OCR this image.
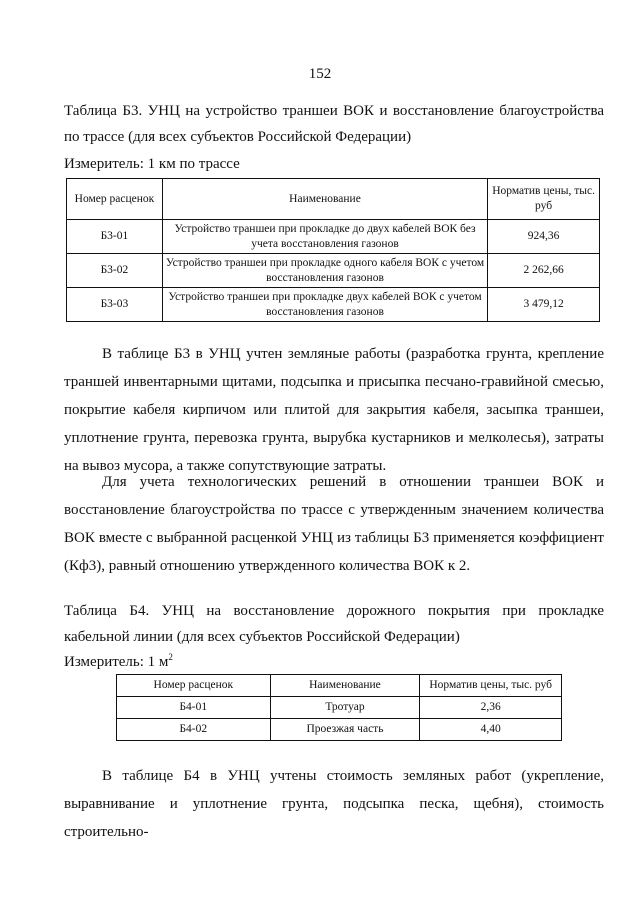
152
Таблица Б3. УНЦ на устройство траншеи ВОК и восстановление благоустройства по трассе (для всех субъектов Российской Федерации)
Измеритель: 1 км по трассе
Номер расценок	Наименование	Норматив цены, тыс. руб
Б3-01	Устройство траншеи при прокладке до двух кабелей ВОК без учета восстановления газонов	924,36
Б3-02	Устройство траншеи при прокладке одного кабеля ВОК с учетом восстановления газонов	2 262,66
Б3-03	Устройство траншеи при прокладке двух кабелей ВОК с учетом восстановления газонов	3 479,12
В таблице Б3 в УНЦ учтен земляные работы (разработка грунта, крепление траншей инвентарными щитами, подсыпка и присыпка песчано-гравийной смесью, покрытие кабеля кирпичом или плитой для закрытия кабеля, засыпка траншеи, уплотнение грунта, перевозка грунта, вырубка кустарников и мелколесья), затраты на вывоз мусора, а также сопутствующие затраты.
Для учета технологических решений в отношении траншеи ВОК и восстановление благоустройства по трассе с утвержденным значением количества ВОК вместе с выбранной расценкой УНЦ из таблицы Б3 применяется коэффициент (Кф3), равный отношению утвержденного количества ВОК к 2.
Таблица Б4. УНЦ на восстановление дорожного покрытия при прокладке кабельной линии (для всех субъектов Российской Федерации)
Измеритель: 1 $м^2$
Номер расценок	Наименование	Норматив цены, тыс. руб
Б4-01	Тротуар	2,36
Б4-02	Проезжая часть	4,40
В таблице Б4 в УНЦ учтены стоимость земляных работ (укрепление, выравнивание и уплотнение грунта, подсыпка песка, щебня), стоимость строительно-
